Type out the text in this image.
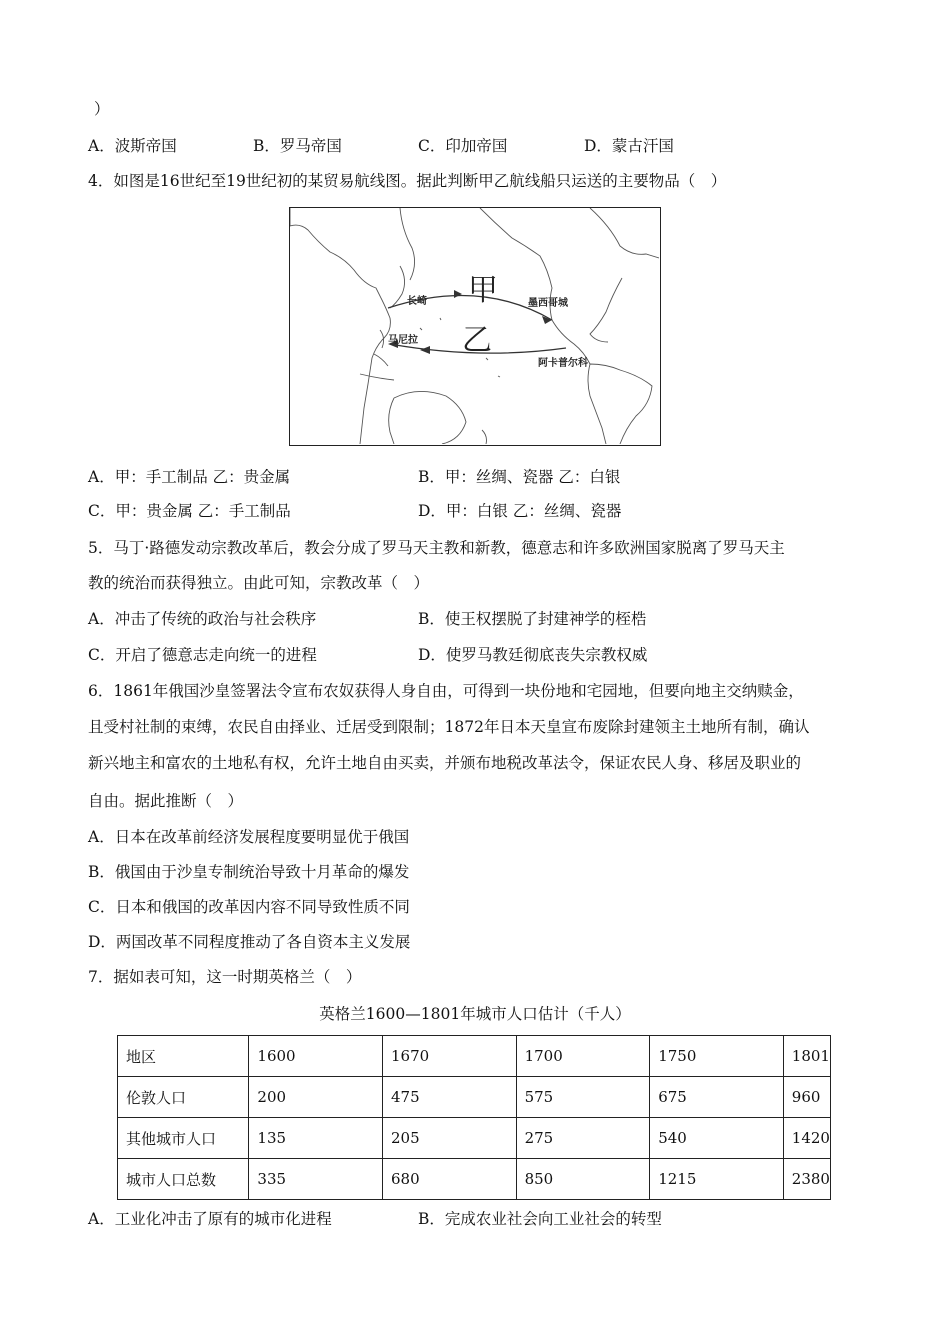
）
A．波斯帝国	B．罗马帝国	C．印加帝国	D．蒙古汗国
4．如图是16世纪至19世纪初的某贸易航线图。据此判断甲乙航线船只运送的主要物品（　）
甲
乙
长崎	墨西哥城
马尼拉
阿卡普尔科
A．甲：手工制品 乙：贵金属	B．甲：丝绸、瓷器 乙：白银
C．甲：贵金属 乙：手工制品	D．甲：白银 乙：丝绸、瓷器
5．马丁·路德发动宗教改革后，教会分成了罗马天主教和新教，德意志和许多欧洲国家脱离了罗马天主
教的统治而获得独立。由此可知，宗教改革（　）
A．冲击了传统的政治与社会秩序	B．使王权摆脱了封建神学的桎梏
C．开启了德意志走向统一的进程	D．使罗马教廷彻底丧失宗教权威
6．1861年俄国沙皇签署法令宣布农奴获得人身自由，可得到一块份地和宅园地，但要向地主交纳赎金，
且受村社制的束缚，农民自由择业、迁居受到限制；1872年日本天皇宣布废除封建领主土地所有制，确认
新兴地主和富农的土地私有权，允许土地自由买卖，并颁布地税改革法令，保证农民人身、移居及职业的
自由。据此推断（　）
A．日本在改革前经济发展程度要明显优于俄国
B．俄国由于沙皇专制统治导致十月革命的爆发
C．日本和俄国的改革因内容不同导致性质不同
D．两国改革不同程度推动了各自资本主义发展
7．据如表可知，这一时期英格兰（　）
英格兰1600—1801年城市人口估计（千人）
地区	1600	1670	1700	1750	1801
伦敦人口	200	475	575	675	960
其他城市人口	135	205	275	540	1420
城市人口总数	335	680	850	1215	2380
A．工业化冲击了原有的城市化进程	B．完成农业社会向工业社会的转型
